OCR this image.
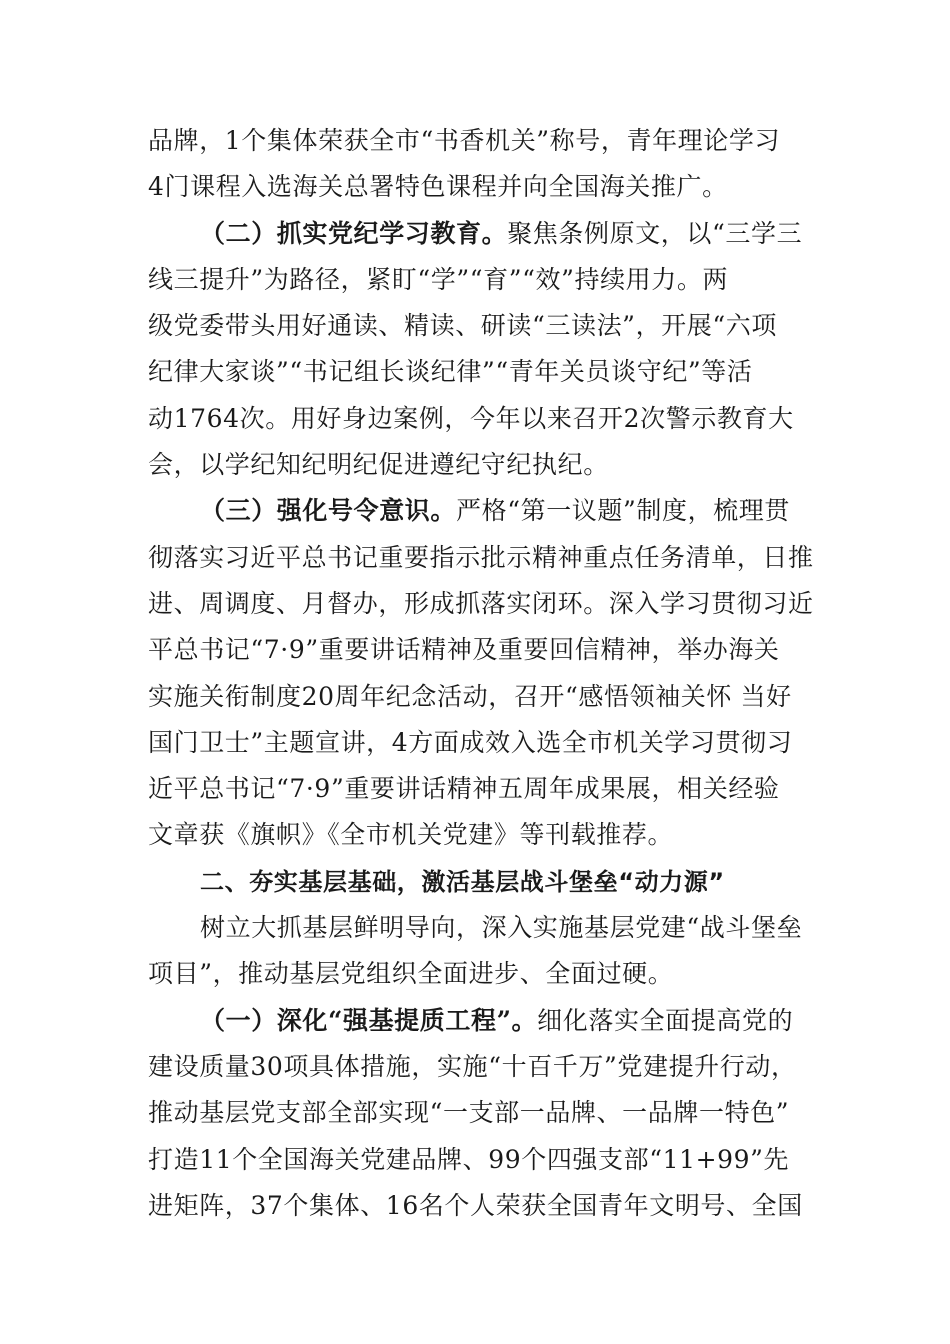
品牌，1个集体荣获全市“书香机关”称号，青年理论学习
4门课程入选海关总署特色课程并向全国海关推广。
（二）抓实党纪学习教育。聚焦条例原文，以“三学三
线三提升”为路径，紧盯“学”“育”“效”持续用力。两
级党委带头用好通读、精读、研读“三读法”，开展“六项
纪律大家谈”“书记组长谈纪律”“青年关员谈守纪”等活
动1764次。用好身边案例，今年以来召开2次警示教育大
会，以学纪知纪明纪促进遵纪守纪执纪。
（三）强化号令意识。严格“第一议题”制度，梳理贯
彻落实习近平总书记重要指示批示精神重点任务清单，日推
进、周调度、月督办，形成抓落实闭环。深入学习贯彻习近
平总书记“7·9”重要讲话精神及重要回信精神，举办海关
实施关衔制度20周年纪念活动，召开“感悟领袖关怀 当好
国门卫士”主题宣讲，4方面成效入选全市机关学习贯彻习
近平总书记“7·9”重要讲话精神五周年成果展，相关经验
文章获《旗帜》《全市机关党建》等刊载推荐。
二、夯实基层基础，激活基层战斗堡垒“动力源”
树立大抓基层鲜明导向，深入实施基层党建“战斗堡垒
项目”，推动基层党组织全面进步、全面过硬。
（一）深化“强基提质工程”。细化落实全面提高党的
建设质量30项具体措施，实施“十百千万”党建提升行动，
推动基层党支部全部实现“一支部一品牌、一品牌一特色”
打造11个全国海关党建品牌、99个四强支部“11+99”先
进矩阵，37个集体、16名个人荣获全国青年文明号、全国
